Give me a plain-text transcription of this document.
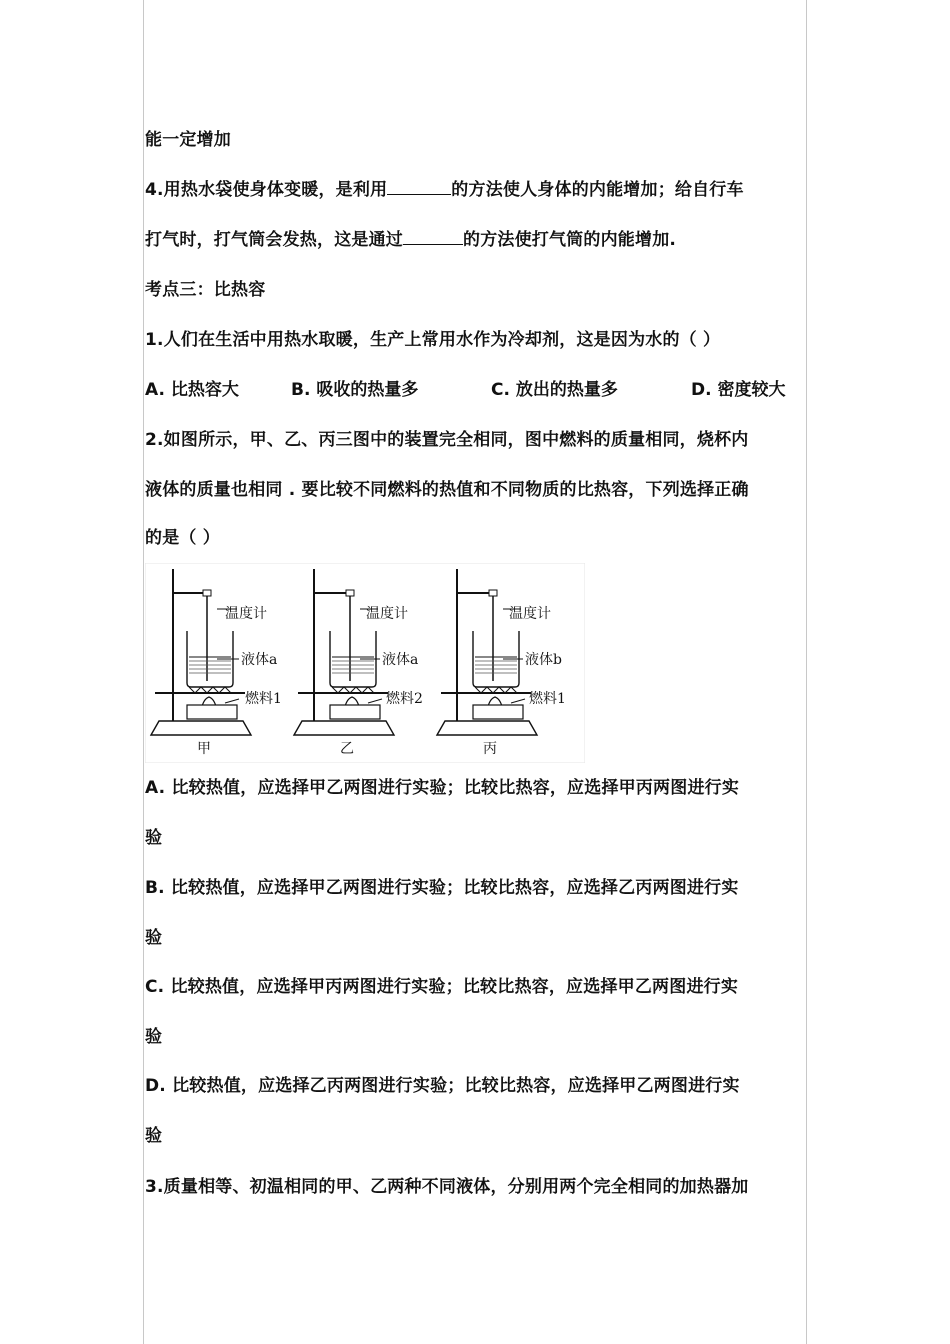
能一定增加
4.用热水袋使身体变暖，是利用	的方法使人身体的内能增加；给自行车
打气时，打气筒会发热，这是通过	的方法使打气筒的内能增加.
考点三：比热容
1.人们在生活中用热水取暖，生产上常用水作为冷却剂，这是因为水的（ ）
A. 比热容大	B. 吸收的热量多	C. 放出的热量多	D. 密度较大
2.如图所示，甲、乙、丙三图中的装置完全相同，图中燃料的质量相同，烧杯内
液体的质量也相同 . 要比较不同燃料的热值和不同物质的比热容，下列选择正确
的是（ ）
温度计
液体a
燃料1
甲
温度计
液体a
燃料2
乙
温度计
液体b
燃料1
丙
A. 比较热值，应选择甲乙两图进行实验；比较比热容，应选择甲丙两图进行实
验
B. 比较热值，应选择甲乙两图进行实验；比较比热容，应选择乙丙两图进行实
验
C. 比较热值，应选择甲丙两图进行实验；比较比热容，应选择甲乙两图进行实
验
D. 比较热值，应选择乙丙两图进行实验；比较比热容，应选择甲乙两图进行实
验
3.质量相等、初温相同的甲、乙两种不同液体，分别用两个完全相同的加热器加
